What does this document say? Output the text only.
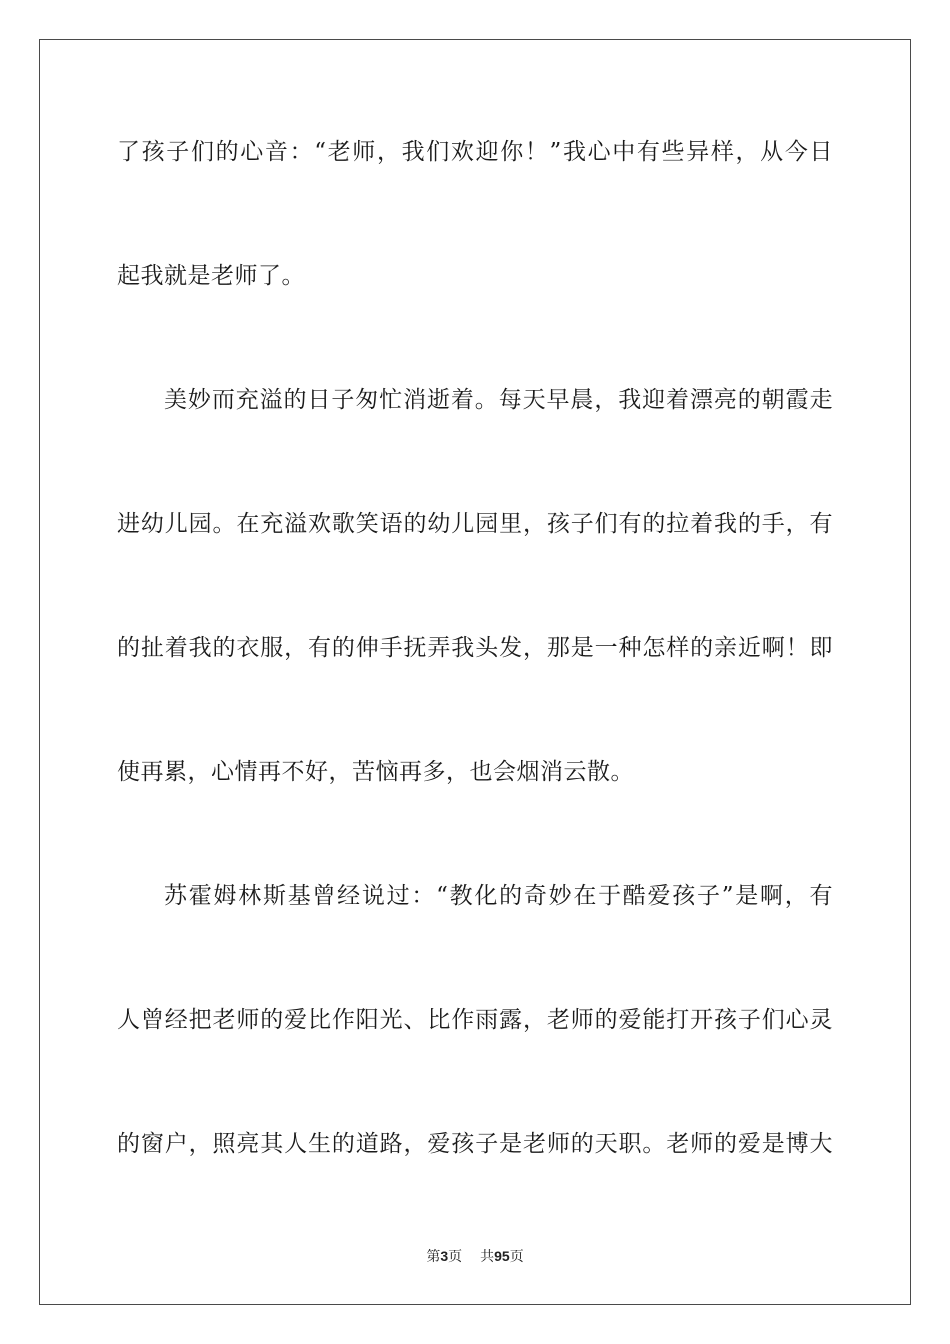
了孩子们的心音：“老师，我们欢迎你！”我心中有些异样，从今日
起我就是老师了。
美妙而充溢的日子匆忙消逝着。每天早晨，我迎着漂亮的朝霞走
进幼儿园。在充溢欢歌笑语的幼儿园里，孩子们有的拉着我的手，有
的扯着我的衣服，有的伸手抚弄我头发，那是一种怎样的亲近啊！即
使再累，心情再不好，苦恼再多，也会烟消云散。
苏霍姆林斯基曾经说过：“教化的奇妙在于酷爱孩子”是啊，有
人曾经把老师的爱比作阳光、比作雨露，老师的爱能打开孩子们心灵
的窗户，照亮其人生的道路，爱孩子是老师的天职。老师的爱是博大
第3页 共95页
